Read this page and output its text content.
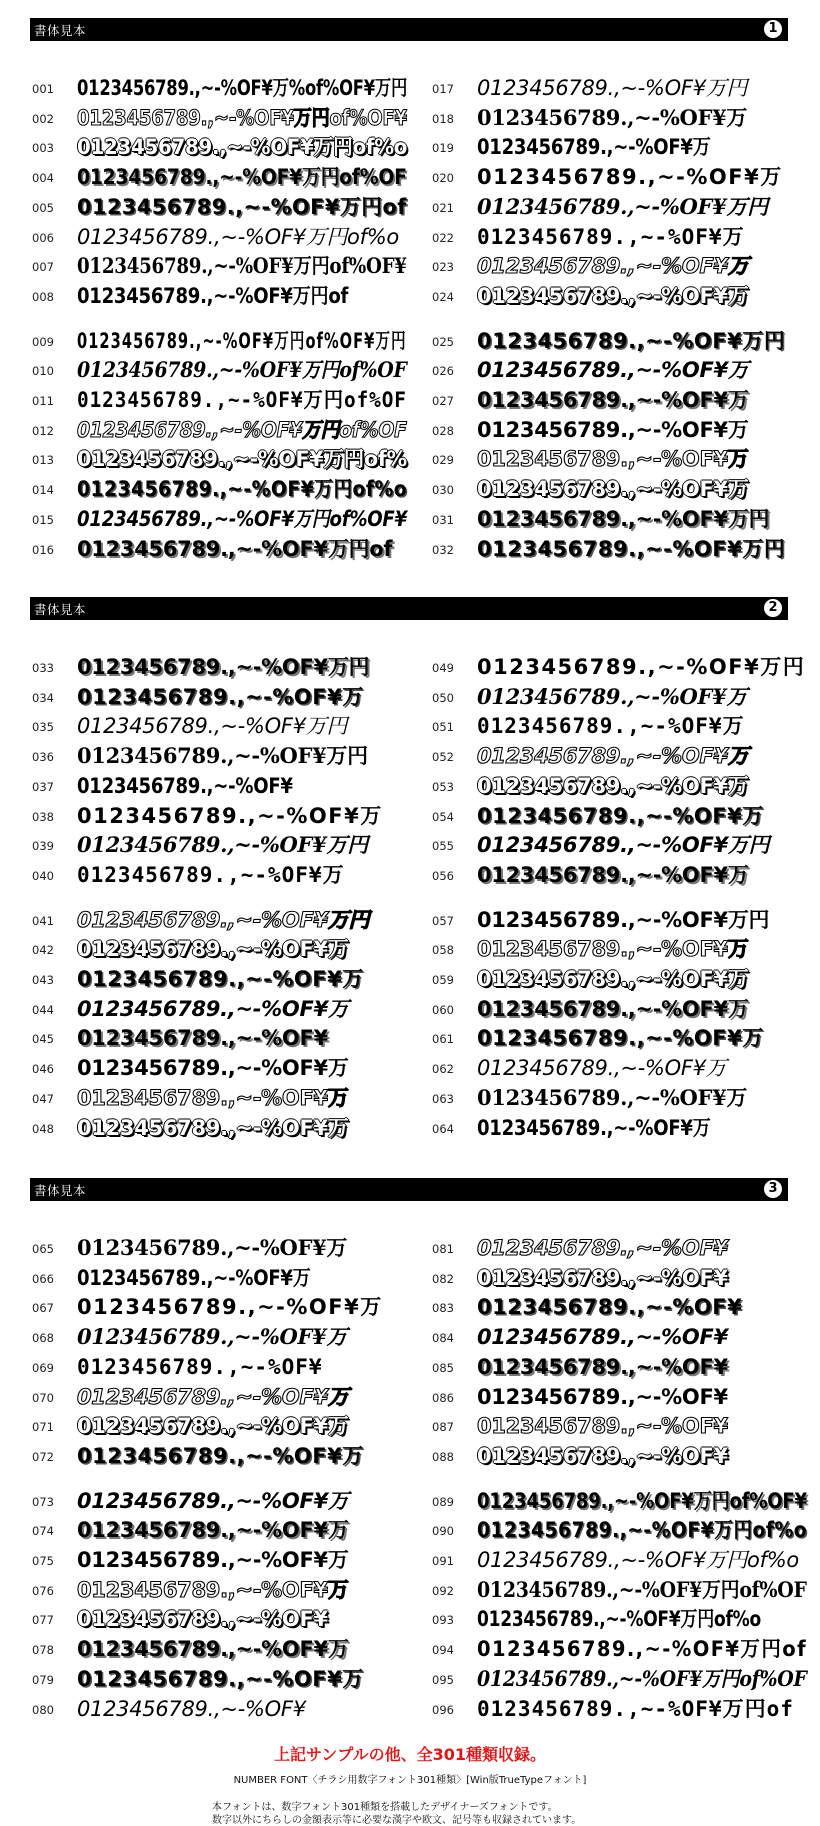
書体見本	1
001	0123456789.,~-%OF¥万%of%OF¥万円
002	0123456789.,~-%OF¥万円of%OF¥
003	0123456789.,~-%OF¥万円of%o
004	0123456789.,~-%OF¥万円of%OF
005	0123456789.,~-%OF¥万円of
006	0123456789.,~-%OF¥万円of%o
007	0123456789.,~-%OF¥万円of%OF¥
008	0123456789.,~-%OF¥万円of
009	0123456789.,~-%OF¥万円of%OF¥万円
010	0123456789.,~-%OF¥万円of%OF
011	0123456789.,~-%OF¥万円of%OF
012	0123456789.,~-%OF¥万円of%OF
013	0123456789.,~-%OF¥万円of%
014	0123456789.,~-%OF¥万円of%o
015	0123456789.,~-%OF¥万円of%OF¥
016	0123456789.,~-%OF¥万円of
017	0123456789.,~-%OF¥万円
018	0123456789.,~-%OF¥万
019	0123456789.,~-%OF¥万
020	0123456789.,~-%OF¥万
021	0123456789.,~-%OF¥万円
022	0123456789.,~-%OF¥万
023	0123456789.,~-%OF¥万
024	0123456789.,~-%OF¥万
025	0123456789.,~-%OF¥万円
026	0123456789.,~-%OF¥万
027	0123456789.,~-%OF¥万
028	0123456789.,~-%OF¥万
029	0123456789.,~-%OF¥万
030	0123456789.,~-%OF¥万
031	0123456789.,~-%OF¥万円
032	0123456789.,~-%OF¥万円
書体見本	2
033	0123456789.,~-%OF¥万円
034	0123456789.,~-%OF¥万
035	0123456789.,~-%OF¥万円
036	0123456789.,~-%OF¥万円
037	0123456789.,~-%OF¥
038	0123456789.,~-%OF¥万
039	0123456789.,~-%OF¥万円
040	0123456789.,~-%OF¥万
041	0123456789.,~-%OF¥万円
042	0123456789.,~-%OF¥万
043	0123456789.,~-%OF¥万
044	0123456789.,~-%OF¥万
045	0123456789.,~-%OF¥
046	0123456789.,~-%OF¥万
047	0123456789.,~-%OF¥万
048	0123456789.,~-%OF¥万
049	0123456789.,~-%OF¥万円
050	0123456789.,~-%OF¥万
051	0123456789.,~-%OF¥万
052	0123456789.,~-%OF¥万
053	0123456789.,~-%OF¥万
054	0123456789.,~-%OF¥万
055	0123456789.,~-%OF¥万円
056	0123456789.,~-%OF¥万
057	0123456789.,~-%OF¥万円
058	0123456789.,~-%OF¥万
059	0123456789.,~-%OF¥万
060	0123456789.,~-%OF¥万
061	0123456789.,~-%OF¥万
062	0123456789.,~-%OF¥万
063	0123456789.,~-%OF¥万
064	0123456789.,~-%OF¥万
書体見本	3
065	0123456789.,~-%OF¥万
066	0123456789.,~-%OF¥万
067	0123456789.,~-%OF¥万
068	0123456789.,~-%OF¥万
069	0123456789.,~-%OF¥
070	0123456789.,~-%OF¥万
071	0123456789.,~-%OF¥万
072	0123456789.,~-%OF¥万
073	0123456789.,~-%OF¥万
074	0123456789.,~-%OF¥万
075	0123456789.,~-%OF¥万
076	0123456789.,~-%OF¥万
077	0123456789.,~-%OF¥
078	0123456789.,~-%OF¥万
079	0123456789.,~-%OF¥万
080	0123456789.,~-%OF¥
081	0123456789.,~-%OF¥
082	0123456789.,~-%OF¥
083	0123456789.,~-%OF¥
084	0123456789.,~-%OF¥
085	0123456789.,~-%OF¥
086	0123456789.,~-%OF¥
087	0123456789.,~-%OF¥
088	0123456789.,~-%OF¥
089	0123456789.,~-%OF¥万円of%OF¥
090	0123456789.,~-%OF¥万円of%o
091	0123456789.,~-%OF¥万円of%o
092	0123456789.,~-%OF¥万円of%OF
093	0123456789.,~-%OF¥万円of%o
094	0123456789.,~-%OF¥万円of
095	0123456789.,~-%OF¥万円of%OF
096	0123456789.,~-%OF¥万円of
上記サンプルの他、全301種類収録。
NUMBER FONT〈チラシ用数字フォント301種類〉[Win版TrueTypeフォント]
本フォントは、数字フォント301種類を搭載したデザイナーズフォントです。
数字以外にちらしの金額表示等に必要な漢字や欧文、記号等も収録されています。
